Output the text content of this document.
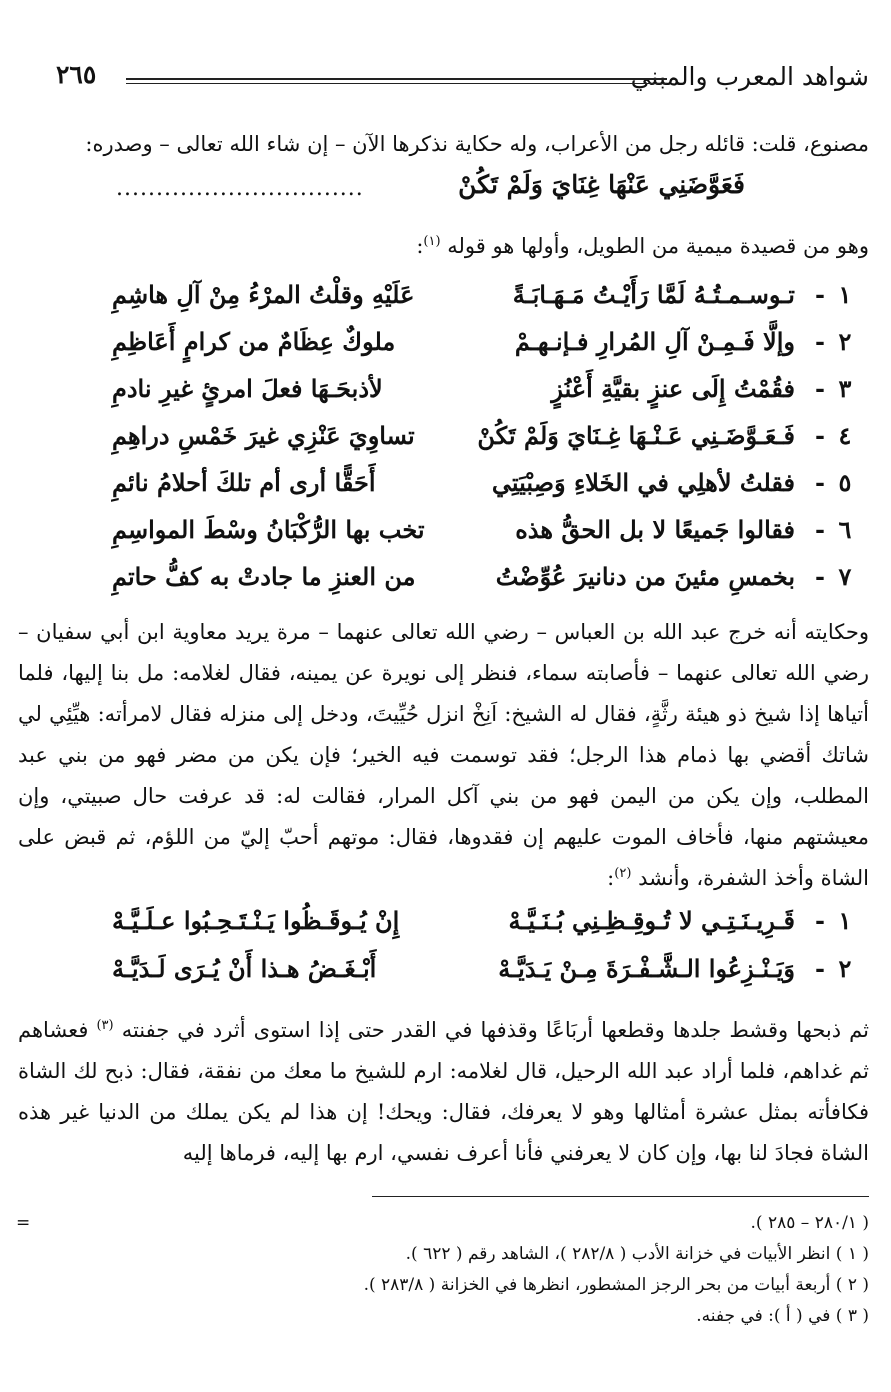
شواهد المعرب والمبني
٢٦٥
مصنوع، قلت: قائله رجل من الأعراب، وله حكاية نذكرها الآن – إن شاء الله تعالى – وصدره:
فَعَوَّضَنِي عَنْهَا غِنَايَ وَلَمْ تَكُنْ
...............................
وهو من قصيدة ميمية من الطويل، وأولها هو قوله $^{(١)}$:
١
-
تـوسـمـتُـهُ لَمَّا رَأَيْـتُ مَـهَـابَـةً
عَلَيْهِ وقلْتُ المرْءُ مِنْ آلِ هاشِمِ
٢
-
وإلَّا فَـمِـنْ آلِ المُرارِ فـإنـهـمْ
ملوكٌ عِظَامٌ من كرامٍ أَعَاظِمِ
٣
-
فقُمْتُ إِلَى عنزٍ بقيَّةِ أَعْنُزٍ
لأذبحَـهَا فعلَ امرئٍ غيرِ نادمِ
٤
-
فَـعَـوَّضَـنِي عَـنْـهَا غِـنَايَ وَلَمْ تَكُنْ
تساوِيَ عَنْزِي غيرَ خَمْسِ دراهِمِ
٥
-
فقلتُ لأهلِي في الخَلاءِ وَصِبْيَتِي
أَحَقًّا أرى أم تلكَ أحلامُ نائمِ
٦
-
فقالوا جَميعًا لا بل الحقُّ هذه
تخب بها الرُّكْبَانُ وسْطَ المواسِمِ
٧
-
بخمسِ مئينَ من دنانيرَ عُوِّضْتُ
من العنزِ ما جادتْ به كفُّ حاتمِ
وحكايته أنه خرج عبد الله بن العباس – رضي الله تعالى عنهما – مرة يريد معاوية ابن أبي سفيان – رضي الله تعالى عنهما – فأصابته سماء، فنظر إلى نويرة عن يمينه، فقال لغلامه: مل بنا إليها، فلما أتياها إذا شيخ ذو هيئة رثَّةٍ، فقال له الشيخ: اَنِخْ انزل حُيِّيتَ، ودخل إلى منزله فقال لامرأته: هيِّئِي لي شاتك أقضي بها ذمام هذا الرجل؛ فقد توسمت فيه الخير؛ فإن يكن من مضر فهو من بني عبد المطلب، وإن يكن من اليمن فهو من بني آكل المرار، فقالت له: قد عرفت حال صبيتي، وإن معيشتهم منها، فأخاف الموت عليهم إن فقدوها، فقال: موتهم أحبّ إليّ من اللؤم، ثم قبض على الشاة وأخذ الشفرة، وأنشد $^{(٢)}$:
١
-
قَـرِيـنَـتِـي لا تُـوقِـظِـنِي بُـنَـيَّـهْ
إِنْ يُـوقَـظُوا يَـنْـتَـحِـبُوا عـلَـيَّـهْ
٢
-
وَيَـنْـزِعُوا الـشَّـفْـرَةَ مِـنْ يَـدَيَّـهْ
أَبْـغَـضُ هـذا أَنْ يُـرَى لَـدَيَّـهْ
ثم ذبحها وقشط جلدها وقطعها أربَاعًا وقذفها في القدر حتى إذا استوى أثرد في جفنته $^{(٣)}$ فعشاهم ثم غداهم، فلما أراد عبد الله الرحيل، قال لغلامه: ارم للشيخ ما معك من نفقة، فقال: ذبح لك الشاة فكافأته بمثل عشرة أمثالها وهو لا يعرفك، فقال: ويحك! إن هذا لم يكن يملك من الدنيا غير هذه الشاة فجادَ لنا بها، وإن كان لا يعرفني فأنا أعرف نفسي، ارم بها إليه، فرماها إليه
( ٢٨٠/١ – ٢٨٥ ).
=
( ١ ) انظر الأبيات في خزانة الأدب ( ٢٨٢/٨ )، الشاهد رقم ( ٦٢٢ ).
( ٢ ) أربعة أبيات من بحر الرجز المشطور، انظرها في الخزانة ( ٢٨٣/٨ ).
( ٣ ) في ( أ ): في جفنه.
